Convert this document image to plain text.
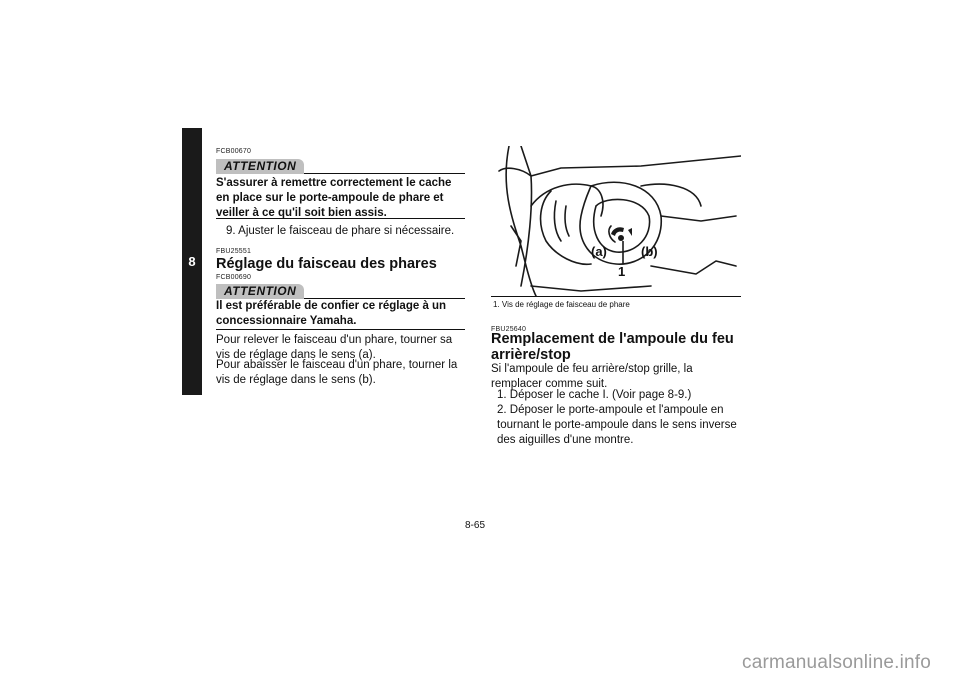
8
FCB00670
ATTENTION
S'assurer à remettre correctement le cache en place sur le porte-ampoule de phare et veiller à ce qu'il soit bien assis.
9. Ajuster le faisceau de phare si nécessaire.
FBU25551
Réglage du faisceau des phares
FCB00690
ATTENTION
Il est préférable de confier ce réglage à un concessionnaire Yamaha.
Pour relever le faisceau d'un phare, tourner sa vis de réglage dans le sens (a).
Pour abaisser le faisceau d'un phare, tourner la vis de réglage dans le sens (b).
(a)	(b)
1
1. Vis de réglage de faisceau de phare
FBU25640
Remplacement de l'ampoule du feu arrière/stop
Si l'ampoule de feu arrière/stop grille, la remplacer comme suit.
1. Déposer le cache I. (Voir page 8-9.)
2. Déposer le porte-ampoule et l'ampoule en tournant le porte-ampoule dans le sens inverse des aiguilles d'une montre.
8-65
carmanualsonline.info
